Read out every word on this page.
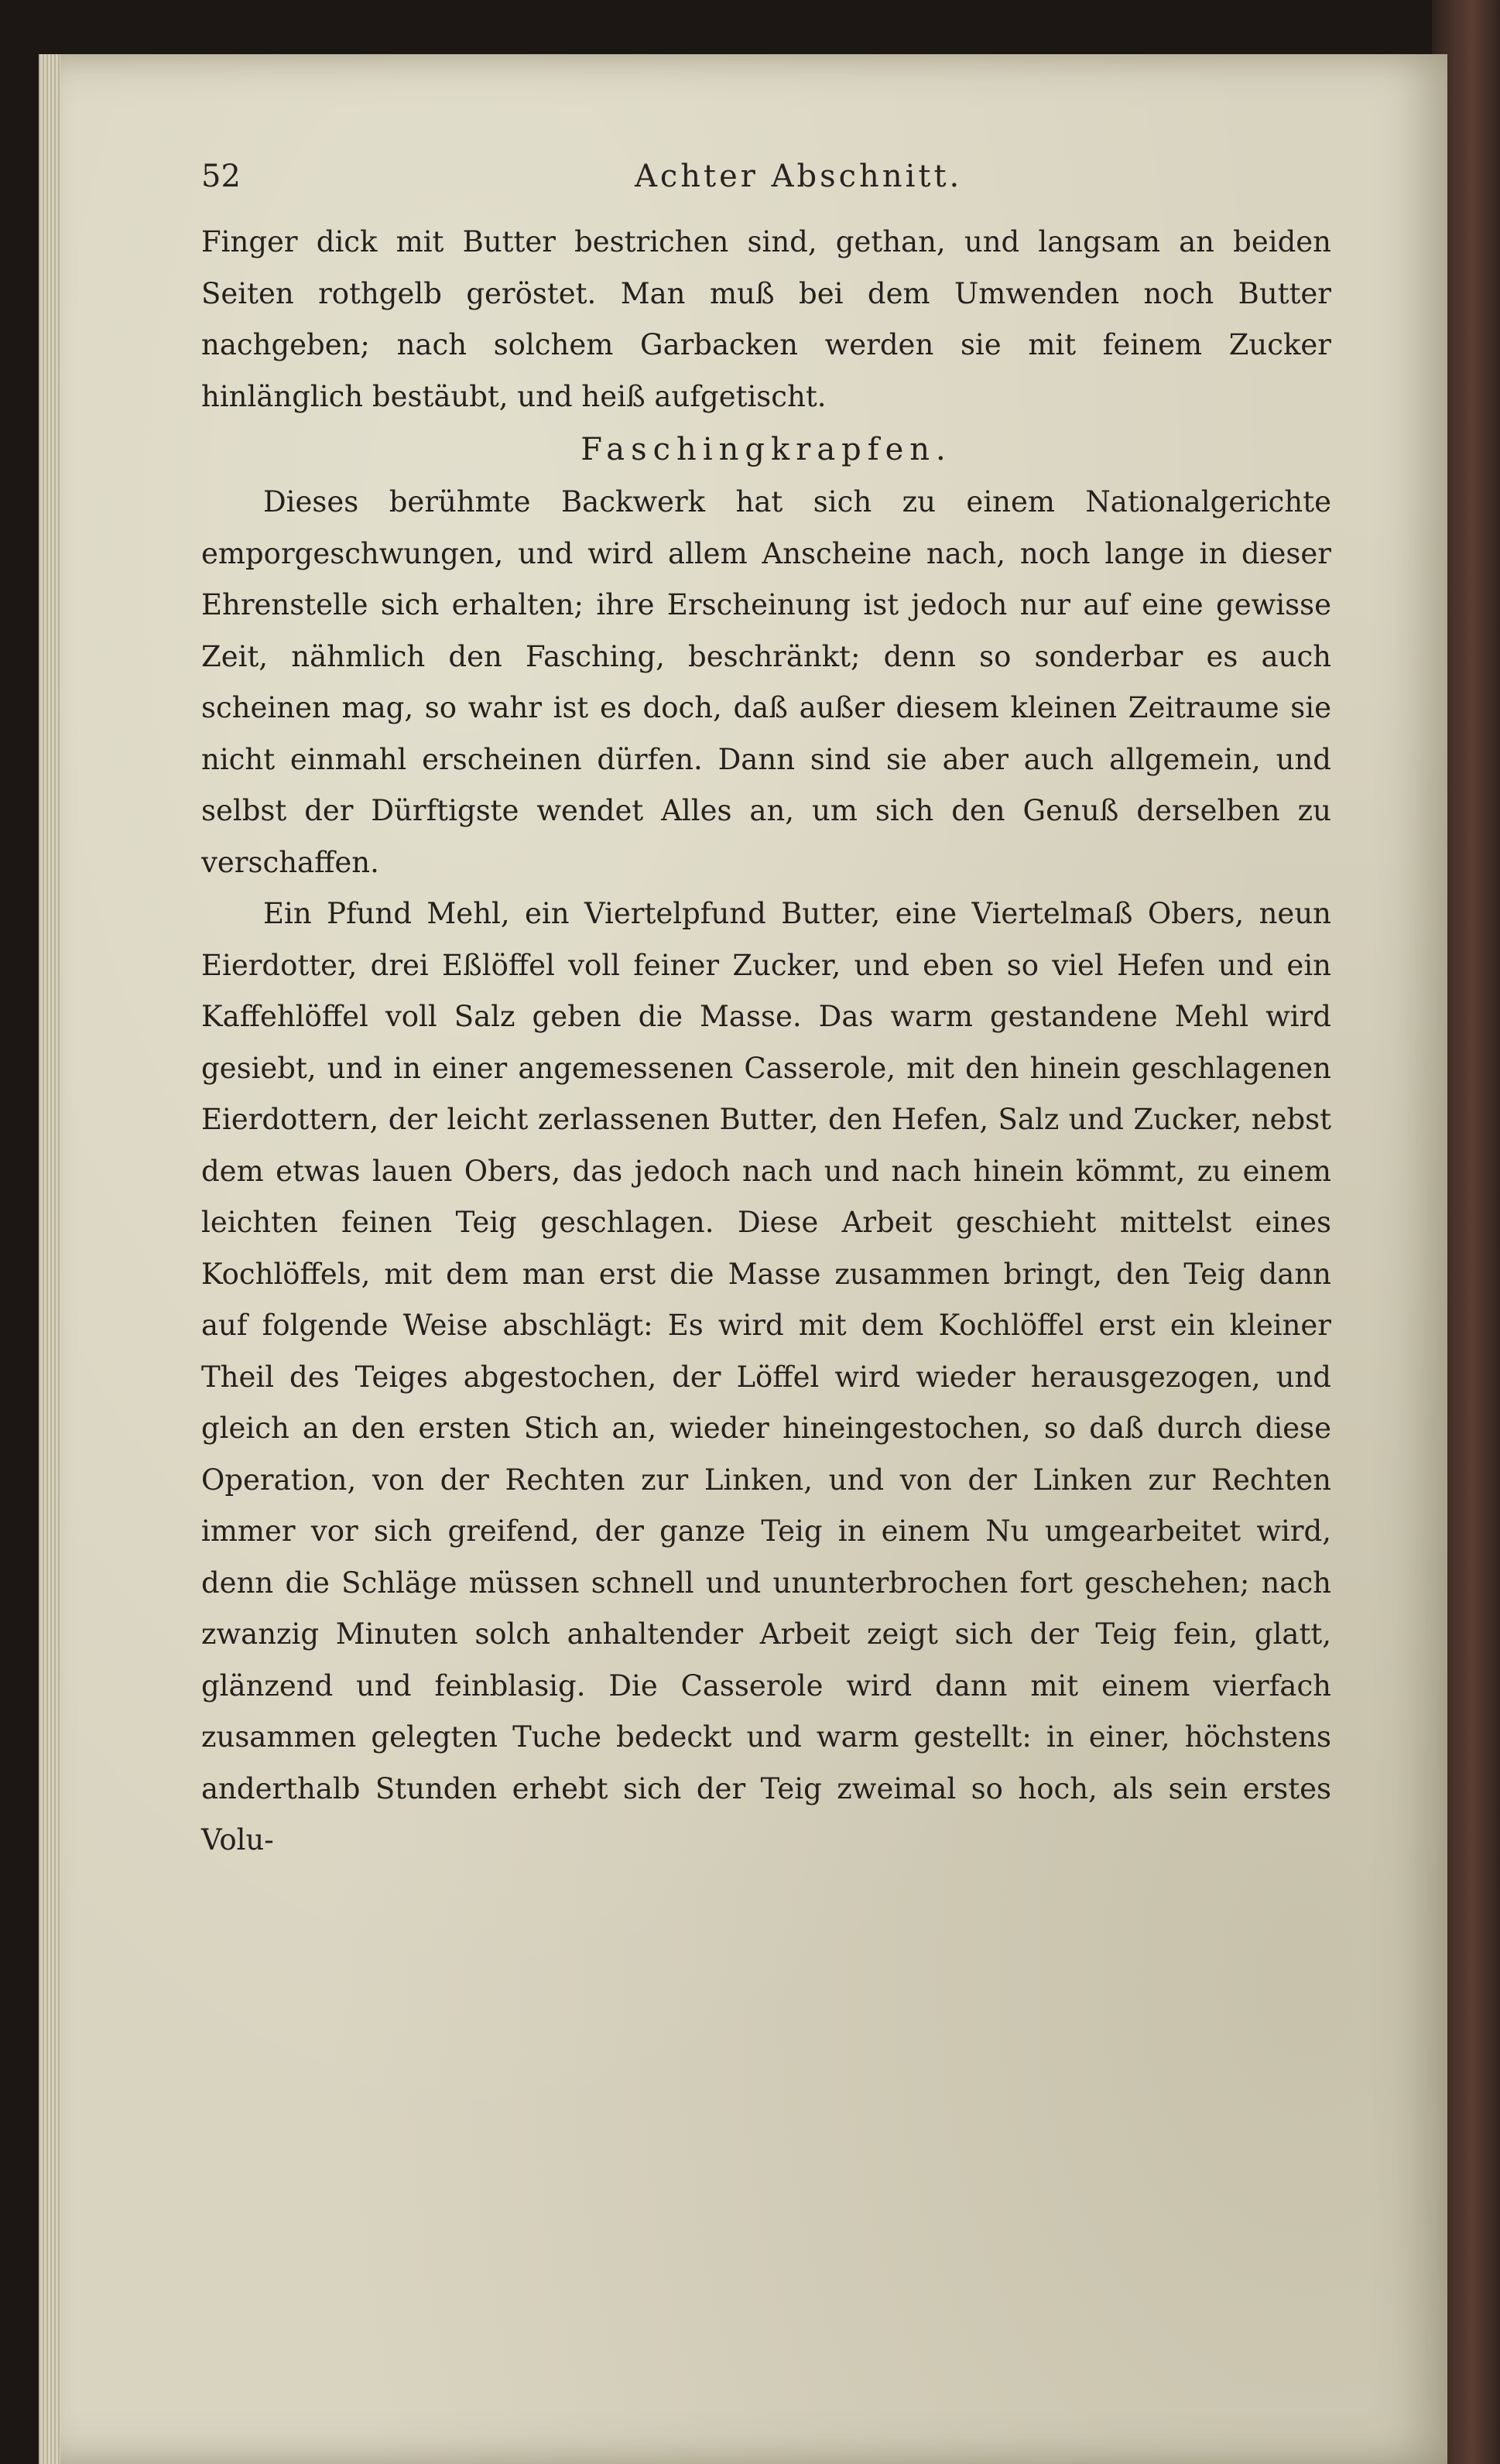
52	Achter Abschnitt.

Finger dick mit Butter bestrichen sind, gethan, und langsam an beiden Seiten rothgelb geröstet. Man muß bei dem Umwenden noch Butter nachgeben; nach solchem Garbacken werden sie mit feinem Zucker hinlänglich bestäubt, und heiß aufgetischt.

Faschingkrapfen.

Dieses berühmte Backwerk hat sich zu einem Nationalgerichte emporgeschwungen, und wird allem Anscheine nach, noch lange in dieser Ehrenstelle sich erhalten; ihre Erscheinung ist jedoch nur auf eine gewisse Zeit, nähmlich den Fasching, beschränkt; denn so sonderbar es auch scheinen mag, so wahr ist es doch, daß außer diesem kleinen Zeitraume sie nicht einmahl erscheinen dürfen. Dann sind sie aber auch allgemein, und selbst der Dürftigste wendet Alles an, um sich den Genuß derselben zu verschaffen.

Ein Pfund Mehl, ein Viertelpfund Butter, eine Viertelmaß Obers, neun Eierdotter, drei Eßlöffel voll feiner Zucker, und eben so viel Hefen und ein Kaffehlöffel voll Salz geben die Masse. Das warm gestandene Mehl wird gesiebt, und in einer angemessenen Casserole, mit den hinein geschlagenen Eierdottern, der leicht zerlassenen Butter, den Hefen, Salz und Zucker, nebst dem etwas lauen Obers, das jedoch nach und nach hinein kömmt, zu einem leichten feinen Teig geschlagen. Diese Arbeit geschieht mittelst eines Kochlöffels, mit dem man erst die Masse zusammen bringt, den Teig dann auf folgende Weise abschlägt: Es wird mit dem Kochlöffel erst ein kleiner Theil des Teiges abgestochen, der Löffel wird wieder herausgezogen, und gleich an den ersten Stich an, wieder hineingestochen, so daß durch diese Operation, von der Rechten zur Linken, und von der Linken zur Rechten immer vor sich greifend, der ganze Teig in einem Nu umgearbeitet wird, denn die Schläge müssen schnell und ununterbrochen fort geschehen; nach zwanzig Minuten solch anhaltender Arbeit zeigt sich der Teig fein, glatt, glänzend und feinblasig. Die Casserole wird dann mit einem vierfach zusammen gelegten Tuche bedeckt und warm gestellt: in einer, höchstens anderthalb Stunden erhebt sich der Teig zweimal so hoch, als sein erstes Volu-
